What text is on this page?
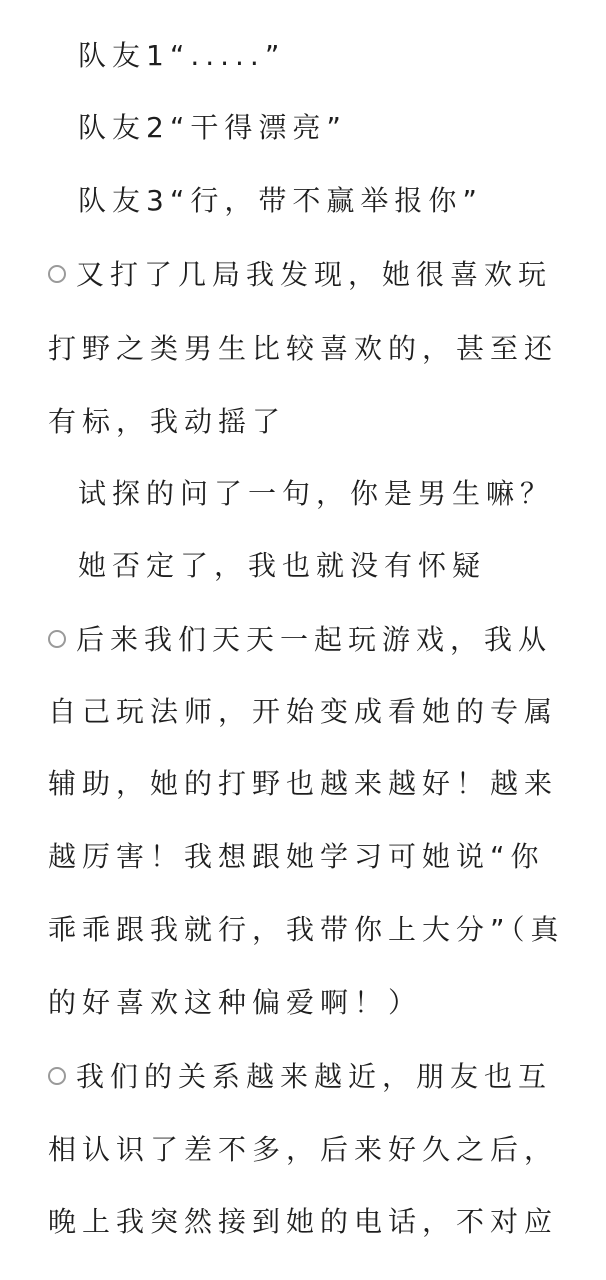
队友1“.....”
队友2“干得漂亮”
队友3“行，带不赢举报你”
又打了几局我发现，她很喜欢玩
打野之类男生比较喜欢的，甚至还
有标，我动摇了
试探的问了一句，你是男生嘛？
她否定了，我也就没有怀疑
后来我们天天一起玩游戏，我从
自己玩法师，开始变成看她的专属
辅助，她的打野也越来越好！越来
越厉害！我想跟她学习可她说“你
乖乖跟我就行，我带你上大分”（真
的好喜欢这种偏爱啊！）
我们的关系越来越近，朋友也互
相认识了差不多，后来好久之后，
晚上我突然接到她的电话，不对应
